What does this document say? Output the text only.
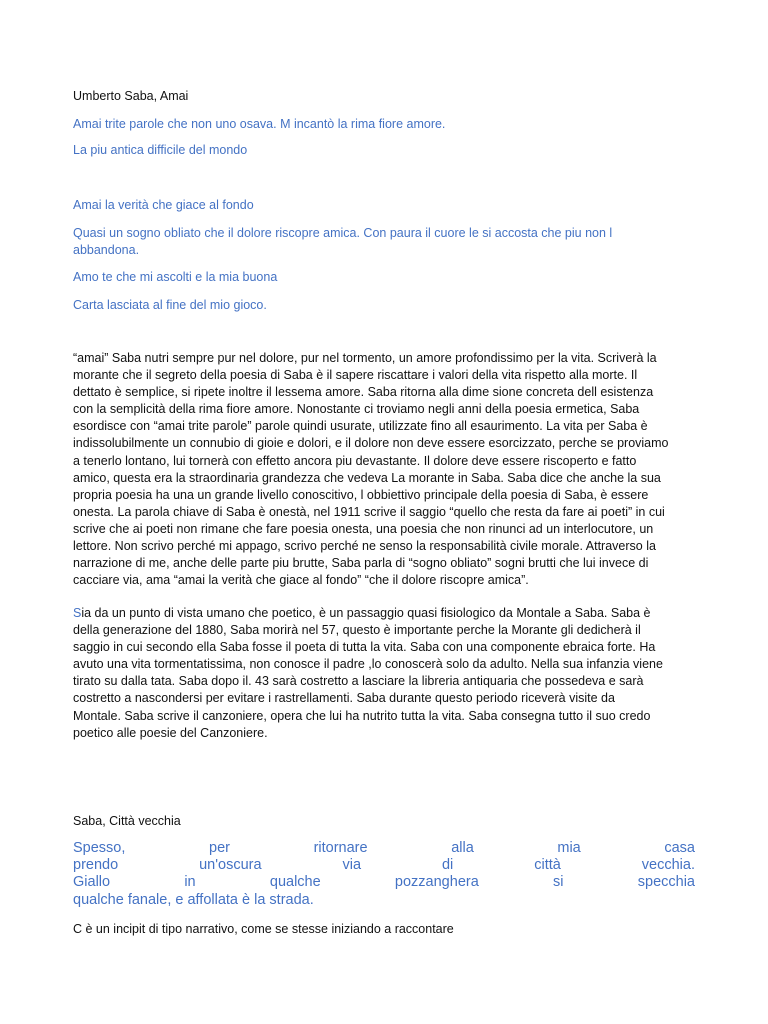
Umberto Saba, Amai

Amai trite parole che non uno osava. M incantò la rima fiore amore.

La piu antica difficile del mondo

Amai la verità che giace al fondo

Quasi un sogno obliato che il dolore riscopre amica. Con paura il cuore le si accosta che piu non l
abbandona.

Amo te che mi ascolti e la mia buona

Carta lasciata al fine del mio gioco.

“amai” Saba nutri sempre pur nel dolore, pur nel tormento, un amore profondissimo per la vita. Scriverà la
morante che il segreto della poesia di Saba è il sapere riscattare i valori della vita rispetto alla morte. Il
dettato è semplice, si ripete inoltre il lessema amore. Saba ritorna alla dime sione concreta dell esistenza
con la semplicità della rima fiore amore. Nonostante ci troviamo negli anni della poesia ermetica, Saba
esordisce con “amai trite parole” parole quindi usurate, utilizzate fino all esaurimento. La vita per Saba è
indissolubilmente un connubio di gioie e dolori, e il dolore non deve essere esorcizzato, perche se proviamo
a tenerlo lontano, lui tornerà con effetto ancora piu devastante. Il dolore deve essere riscoperto e fatto
amico, questa era la straordinaria grandezza che vedeva La morante in Saba. Saba dice che anche la sua
propria poesia ha una un grande livello conoscitivo, l obbiettivo principale della poesia di Saba, è essere
onesta. La parola chiave di Saba è onestà, nel 1911 scrive il saggio “quello che resta da fare ai poeti” in cui
scrive che ai poeti non rimane che fare poesia onesta, una poesia che non rinunci ad un interlocutore, un
lettore. Non scrivo perché mi appago, scrivo perché ne senso la responsabilità civile morale. Attraverso la
narrazione di me, anche delle parte piu brutte, Saba parla di “sogno obliato” sogni brutti che lui invece di
cacciare via, ama “amai la verità che giace al fondo” “che il dolore riscopre amica”.
Sia da un punto di vista umano che poetico, è un passaggio quasi fisiologico da Montale a Saba. Saba è
della generazione del 1880, Saba morirà nel 57, questo è importante perche la Morante gli dedicherà il
saggio in cui secondo ella Saba fosse il poeta di tutta la vita. Saba con una componente ebraica forte. Ha
avuto una vita tormentatissima, non conosce il padre ,lo conoscerà solo da adulto. Nella sua infanzia viene
tirato su dalla tata. Saba dopo il. 43 sarà costretto a lasciare la libreria antiquaria che possedeva e sarà
costretto a nascondersi per evitare i rastrellamenti. Saba durante questo periodo riceverà visite da
Montale. Saba scrive il canzoniere, opera che lui ha nutrito tutta la vita. Saba consegna tutto il suo credo
poetico alle poesie del Canzoniere.

Saba, Città vecchia

Spesso, per ritornare alla mia casa
prendo un'oscura via di città vecchia.
Giallo in qualche pozzanghera si specchia
qualche fanale, e affollata è la strada.

C è un incipit di tipo narrativo, come se stesse iniziando a raccontare
